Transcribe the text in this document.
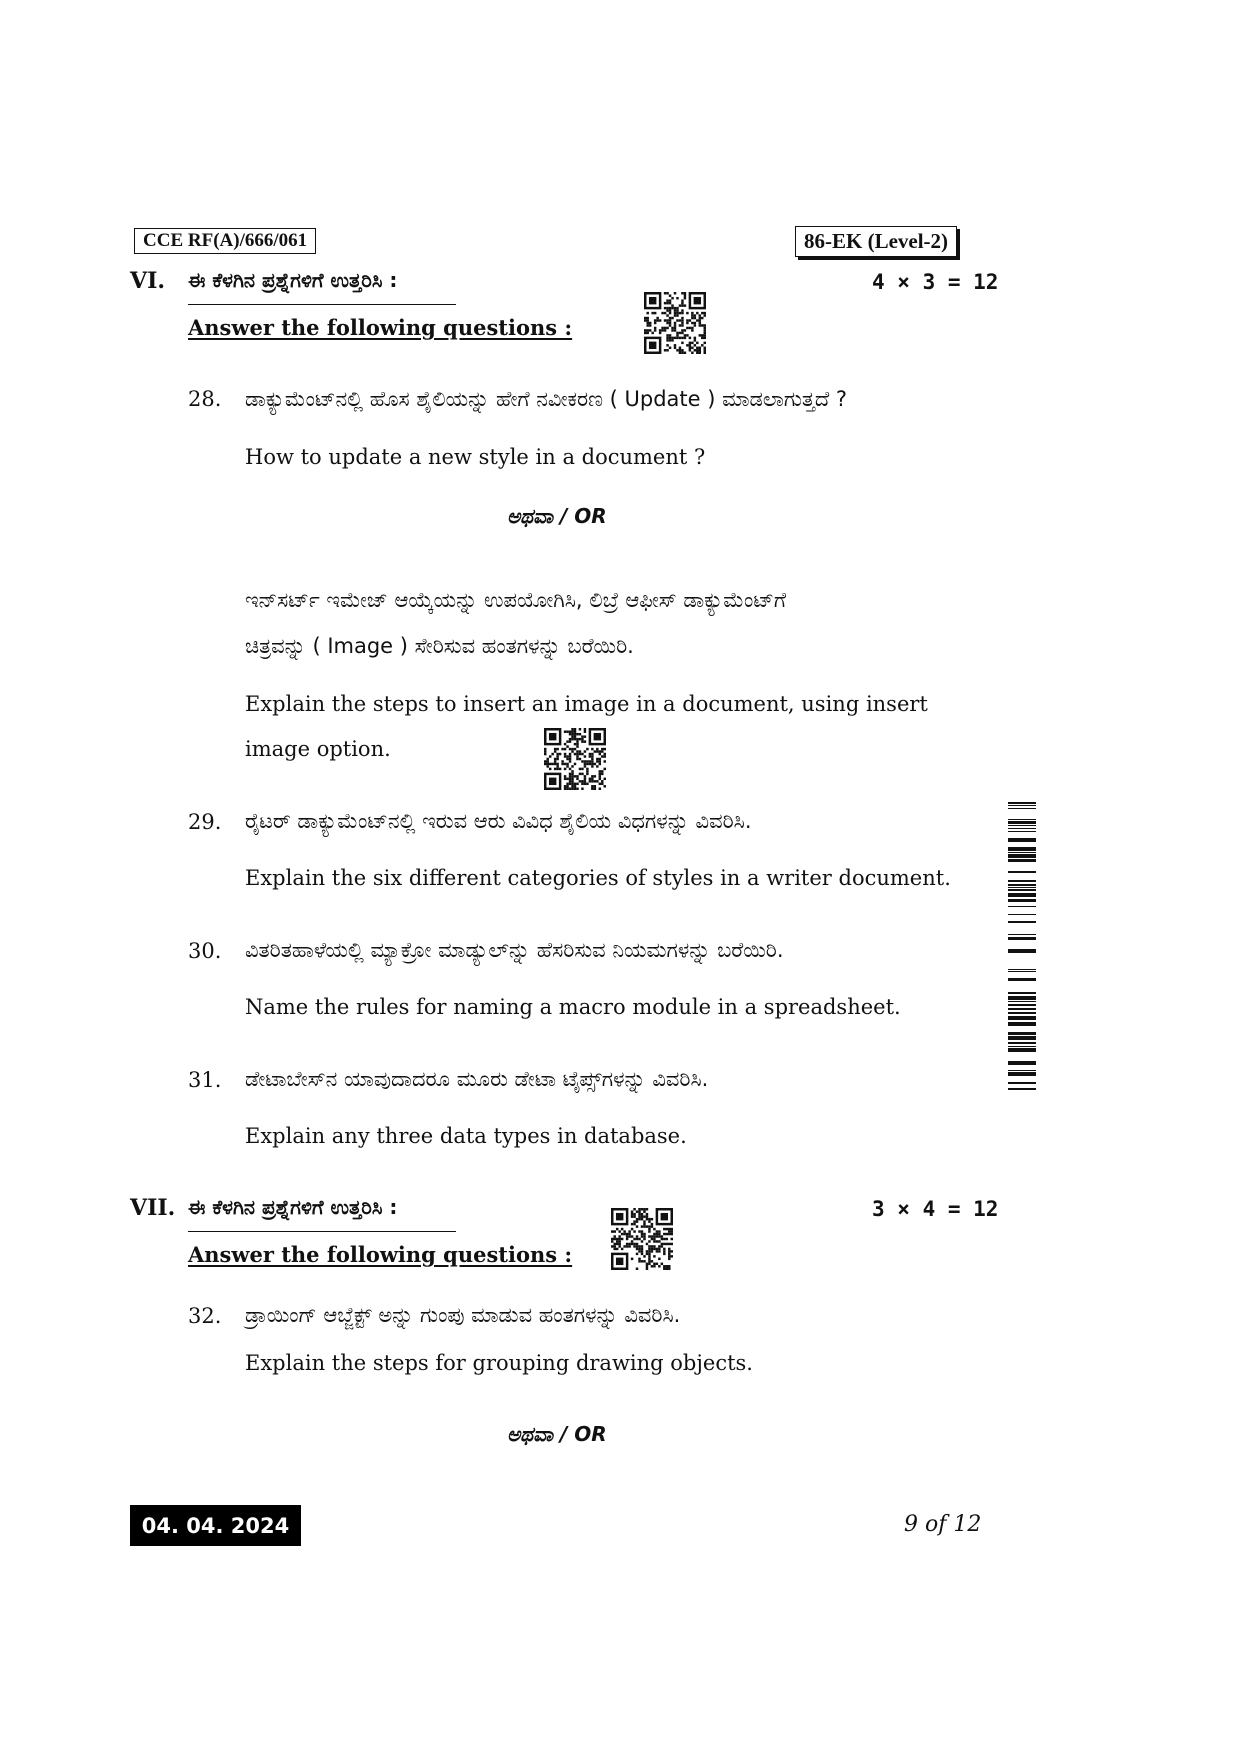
CCE RF(A)/666/061	86-EK (Level-2)
VI. ಈ ಕೆಳಗಿನ ಪ್ರಶ್ನೆಗಳಿಗೆ ಉತ್ತರಿಸಿ :
Answer the following questions :
4 × 3 = 12
28. ಡಾಕ್ಯುಮೆಂಟ್‌ನಲ್ಲಿ ಹೊಸ ಶೈಲಿಯನ್ನು ಹೇಗೆ ನವೀಕರಣ ( Update ) ಮಾಡಲಾಗುತ್ತದೆ ?
How to update a new style in a document ?
ಅಥವಾ / OR
ಇನ್‌ಸರ್ಟ್ ಇಮೇಜ್ ಆಯ್ಕೆಯನ್ನು ಉಪಯೋಗಿಸಿ, ಲಿಬ್ರೆ ಆಫೀಸ್ ಡಾಕ್ಯುಮೆಂಟ್‌ಗೆ
ಚಿತ್ರವನ್ನು ( Image ) ಸೇರಿಸುವ ಹಂತಗಳನ್ನು ಬರೆಯಿರಿ.
Explain the steps to insert an image in a document, using insert
image option.
29. ರೈಟರ್ ಡಾಕ್ಯುಮೆಂಟ್‌ನಲ್ಲಿ ಇರುವ ಆರು ವಿವಿಧ ಶೈಲಿಯ ವಿಧಗಳನ್ನು ವಿವರಿಸಿ.
Explain the six different categories of styles in a writer document.
30. ವಿತರಿತಹಾಳೆಯಲ್ಲಿ ಮ್ಯಾಕ್ರೋ ಮಾಡ್ಯುಲ್‌ನ್ನು ಹೆಸರಿಸುವ ನಿಯಮಗಳನ್ನು ಬರೆಯಿರಿ.
Name the rules for naming a macro module in a spreadsheet.
31. ಡೇಟಾಬೇಸ್‌ನ ಯಾವುದಾದರೂ ಮೂರು ಡೇಟಾ ಟೈಪ್ಸ್‌ಗಳನ್ನು ವಿವರಿಸಿ.
Explain any three data types in database.
VII. ಈ ಕೆಳಗಿನ ಪ್ರಶ್ನೆಗಳಿಗೆ ಉತ್ತರಿಸಿ :
Answer the following questions :
3 × 4 = 12
32. ಡ್ರಾಯಿಂಗ್ ಆಬ್ಜೆಕ್ಟ್ ಅನ್ನು ಗುಂಪು ಮಾಡುವ ಹಂತಗಳನ್ನು ವಿವರಿಸಿ.
Explain the steps for grouping drawing objects.
ಅಥವಾ / OR
04. 04. 2024	9 of 12
